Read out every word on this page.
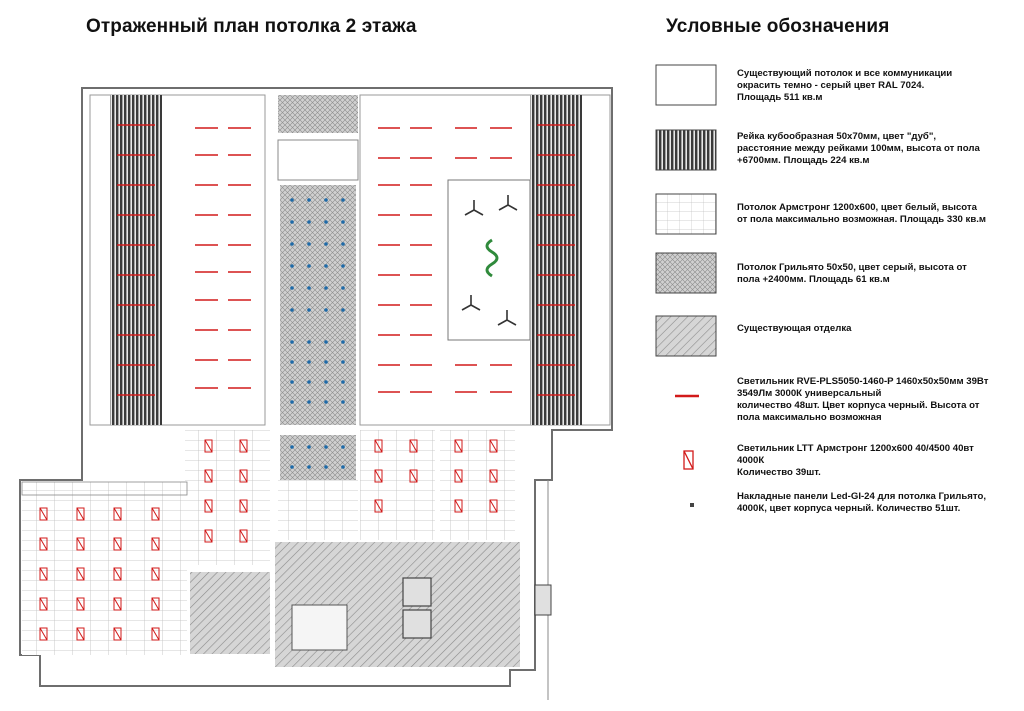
Отраженный план потолка 2 этажа	Условные обозначения
Существующий потолок и все коммуникации
окрасить темно - серый цвет RAL 7024.
Площадь 511 кв.м
Рейка кубообразная 50х70мм, цвет "дуб",
расстояние между рейками 100мм, высота от пола
+6700мм. Площадь 224 кв.м
Потолок Армстронг 1200х600, цвет белый, высота
от пола максимально возможная. Площадь 330 кв.м
Потолок Грильято 50х50, цвет серый, высота от
пола +2400мм. Площадь 61 кв.м
Существующая отделка
Светильник RVE-PLS5050-1460-P 1460х50х50мм 39Вт
3549Лм 3000К универсальный
количество 48шт. Цвет корпуса черный. Высота от
пола максимально возможная
Светильник LTT Армстронг 1200х600 40/4500 40вт
4000К
Количество 39шт.
Накладные панели Led-GI-24 для потолка Грильято,
4000К, цвет корпуса черный. Количество 51шт.
